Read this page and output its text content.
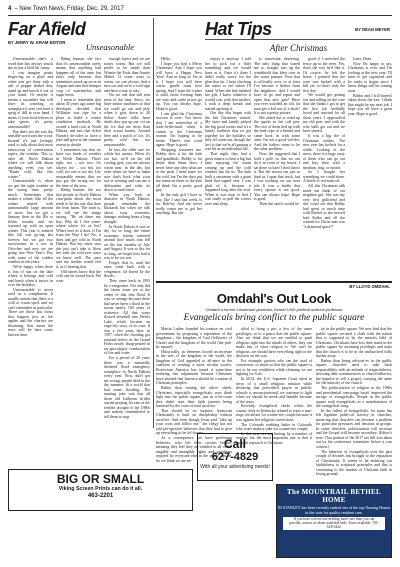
4 – New Town News, Friday, Dec. 29, 2017
Far Afield
BY JERRY W. KRAM EDITOR	Unseasonable

Unseasonable…that's a word that has always struck me as just a little bit funny.

I can imagine peaks finger-ing on a plate and when you get done with a salt or pepper shaker they stand up and knock it out of your hand. Or maybe it means a cucumber that will have its watering, or someplace it sees you have a sprig of dill in your hand. I mean, if your food refuses to take spices, it's pretty unseasonable!

But that's not the way the sensible word uses the word. Instead it's just lovingly used to talk about that most innocu-ous of conversation topics, the weather. This is, after all, North Dakota where we will talk about anything, even, you see, "Kinda cold, like this winter."

Unseasonable is when we get the right weather at the wrong time, pretty much. Sometimes that makes a winter, like all the winter started with unseasonably large amount of snow, but we got a January thaw in the 40s or fifties months and we warmed up with an open winter. This year it seemed like fall was go-ing last forever, but we got two snowstorms in a row in Octo-ber and now we are going into New Year's Day with some of the coldest weather in ten years.

We're happy when there is lots of sun on the lake where it belongs and cold and harsh when it snows in over the holidays.

Unseasonable is never used as a compliment. It usually means that there is a cold or warm spell, and we can't remember in particular. There are those last frosts that happen just as the apples and the cherries are blooming; that mean the trees will be bare come harvest time.

Being human, the fact that it's unseasonable rarely means that anything bad happens all of the time, but that's only because that sometimes snack up on us in August and ruin that bumper crop of watermelon and sugar beets.

I seem to remember that about 30 years ago some big developer decided that Williston was ripe for a place to build a winter conditions methods. He owned a hard rock at North Dakota, and saw that Arbor Nursery de-cides to have a joke and gave at the summer retreat to decide.

I sometimes say that we have two kinds of weather in North Dakota. That's right, too – not two. It's always too – too hot, too cold, too wet or too dry. Un-seasonable means that we just got the wrong too for the time of the year.

Being human, the too that people in North Dakota com-plain about the most tends to be the one that does the least harm. The truth is, we will see the image saying, "Be on there my boy, Why do I live some-where where it's as hot? Where here as it does, if I'm from the Way I do? No, it does and get cold in North Dakota. But my sister says she just can't take it, bless her with the cold ever since we knew well. The once said my mother would feel it, as if hearing that.

Old timers know that the cold can be tossed back. We wear

enough layers and we are toasty warm. But we still prefer to be inside than Winnie the Pooh than Auntie Mabel. If some crisis is warm, we can always find a nice car and we're a cold sign and have a way to stay.

No, no one that still sent most of the time. Since, we have indoor machines so that we could go out and play when it gets down to 20 below. Some folks have sheds they put up our cot on the ice that are nicer than their actual homes. Around here and a patch of ice, it's pretty cold but not unseasonable.

In fact, the other one we whole hot asonia. When it's too hot, we'll on the old cooling gets, you are always warm near, in the day, but even when we have to make sure that's back what your son is wearing and can use a dishwasher and what its down to earth there.

When you look at disasters in North Dakota, people remember the blizzards but when we talk about your economic damage, nothing beats a long drought.

In North Dakota it was so dry for so long, the entire economic system centered around how much rain fell on the last months of July and August. It was so dry for so long, we forget how bad it was to be too wet.

Forget, that is, until the rains came back with a vengeance, fol-lowed by the floods.

They came back in 1993 by a vengeance. Not only did the farms town see at the center of that first flood. It was so strange because there had never been a flood in the towns nearly 100 years of existence. All that water flowed downhill into Devils Lake, which became an enge-rily story of its own. It was a few years later, in 1997, when the flooding got national notice as the Grand Forks nearly disap-peared in an apocalyptic combi-nation of fire and water.

For a period of 20 years there was a nationally declared flood emergency someplace in North Dakota every year. Now, don't get me wrong, people died in the dry summer. In a world that had some flooding. The running joke was that all those old Lutheran la-dies started praying for rain at the terrible drought of the 1980s and nobody remembered to tell them to stop.

Hello,

I hope you had a Merry Christmas! And I hope you will have a Happy New Year! And as long as I'm at it, I hope you will have warm, gentle rains next spring. And I hope the winter is mild, those evening lines are easy and cattle prices go up. You can always hope. Hope is good.

I am glad the Christmas sea-son is over. You know that I am somewhat of a stick-in-the-mud when it comes to the Christmas season. I'm hoping to be better. There's that word again. Hope is good.

Shopping frustrates me. Bobby does it for the kids and grandkids. Bobby is far better than Santa does. I never have any idea what are to the peak. I need some for the cold, but I'm the door put my name on them so the kids all think I'm a pretty good guy.

In the only gift I have to buy, like I said last week, is for Bob-by. And she never really wants me to get her anything. But she

Hat Tips	BY DEAN MEYER
After Christmas

enjoys it anyway. I told her to pick out a little something and we would have at it. Once it's done I didn't really worry for the plan that far. I kept checking the status to see where I'd stand. When she had finished her gift, I knew whatever it would cost with that mother, I took a deep breath and started opening it.

Our day this began with the fun Christmas started. My sister and family picked the big good rooms and it's a family tradition that we get together for the holidays so they all come out, though the fact is that we're all gaining a wee bit in an individual life.

That night, they had a great chance to hear a big fun time enjoying the storm coming up and the cold weather has hit us. The kids built a snowman with a giant head that tipped over. I was glad of it, because it happened long after the visit. When it was time to bed I was ready to pull the covers over and sleep.

is somewhat deserving. The only thing that scared me so straight was up the windshield that blew over in the waste pasture. Now that is officially over, or at least I've become a shelter from the neighbors. And I would have to go and repair and open that new gate! Have you ever watched an old, fat man get a kid out of a ditch? It is not a pretty picture.

She asked me to wind up the sparks in the calf pen. The two of them tied up with the lead rope of a kennel and came back in with some sleet. I'm not a good wel-der. And the halters seem to be the other problem.

Now, the suggested that I hold a pole, so that we can do it in front of my house. I sat there so hard I don't know it. But the tractor ran just as hard as I spun that truck, but I was working on our next job. It was a buddy that every spouse is not good. You can always hope. Hope is good.

Then she said it would be

good if I stretched the fence up to the trees. Yes, that's the way he'd like it. Of course, he left the horse, I pointed that the wire was barbed with a hill yet, so that's only the first day.

We would get getting out and rolling on the wire that she thinks I got to get the first job faithfully loved and unwind for all those years. I approached my old post, and with the wire balls got out and we have started.

It was a big fire of Christmas wishes. The new year has ba-bels for a while. Looking at the news, there is a huge array of them who can go out and buy their with a medium, ring, or mouse.

So I bought her something we could share. A bottle of red-mint oil.

All this Christmas talk made me think of our neighbor girl. She was my very first girlfriend and she could see that Bobby had spent so much time with Rachel as she herself had. Kaiko and all she wanted for Christ-mas was "a diamond space"!

Later, Dean

Now I'm happy to say, Christmas is over, and I'm looking at the new year. I'll have to get organized and be ready to begin, since I know things will be coming soon.

Bobby and I still haven't taken down the tree. I think that might be my next job. I hope you all have a great year. Hope is good.

BY LLOYD OMDAHL
Omdahl's Out Look
Omdahl a former Lieutenant governor, former UND political science professor
Evangelicals bring conflict to the public square

Martin Luther founded his treatise on civil government by proposing a separation of the kingdoms – the kingdom of God (followers of Christ) and the kingdom of the world (the pub-lic square).

Historically, as elements forced an increase in the size of the kingdom of the world, the kingdom of God appealed to all-ance in the coalition of creating a more secular society. Protes-tant America has found it some-time realizing this adjustment because Christians have insisted that America should be a nation of Christian principles.

Rather than turning the oth-er cheek, Christians, especially evangelicals, now think fight into the public square, just as it be-cause they didn't start their faith journey being harassed by the cross of total sacrifice.

That should be no surprise. American Christianity is built on discipleship without sacrifice. And even though Jesus said "take up your cross and follow me," the clergy has not told per-spective believers that they had to give up everything to be fol-lowers.

As a consequence, we have professing believers, who left their crosses behind, meaning they feel they are entitled to all of the tangible and intangible rights and privileges enjoyed by everyone else in the public square. So we think we are en-

titled to bring a pie, a few of the same privileges, or to a peace that the public square. Also we think that we are entitled to push religious right into the minds of others, they can make fun of what religion is. We can't be religious, we should have everything right or the decision on the way.

For example, pastors who can the road of conversion, so much so that the public square is not to be our wealthiest while claiming we are fighting for God.

In 2014, the U.S. Supreme Court ruled in favor of a small religious mission while declaring that prescribed prayer in pub-lic schools is unconstitutional, we continue to fight when we should be meek and humble because of the jesus.

Recently, evangelical clerks which the county clerk in Kentucky refused to issue a mar-riage certificate for a same-sex couple because it was against her religious convictions.

The Colorado wedding baker in Colorado who won't make a cake for a same-sex couple.

In this case, we are hurting by a number of reasons but the most important one is that it brought reproach to Christian-

ity in the public square. We now find that the public square cre-ated a clash with the nation that is supposed to be the nation's field of Christians. Christians have lost their stand in the public square by assuming privileges and tasks that the church is to be in the unchurched folks further away.

Rather than being advocat-es in the public square, churches need to take back responsibility with an attitude of respectfulness, devoting their constituencies to church behavior, the impulse to sell a gospel, carrying the same for the ministry of the church.

The politicization of religion in the 1960s and presidential cam-paign hasn't improved the im-age of evangelicals. People in the public square took evangelicals as a manifestation of the evangelical wing.

In the fullest of evangelicals, for some has left legalism politi-cal activity in churches, mean-ing that churches can become a problem for particular pressures and tensions in groups. In some churches, politicization will increase and the Gospel will become secondary. (Editor's note: That portion of the 2017 tax bill was taken out by the conference committee before it was written.)

The behavior of evangelicals over the past couple of decades has brought to the reputation of Christianity. It seems to be enduring our faithfulness to scriptural principles and that is continuing to the number of Christian faith in losing ground.

Call
627-4829
With all your advertising needs!
BIG OR SMALL
Viking Screen Prints can do it all.
463-2201	The MOUNTRAIL BETHEL HOME
IN STANLEY has been recently ranked one of the top Nursing Homes in the state for quality resident care.
If you have a loved one needing more care than you can provide, contact us about available beds. Tours available. 701-628-2442
